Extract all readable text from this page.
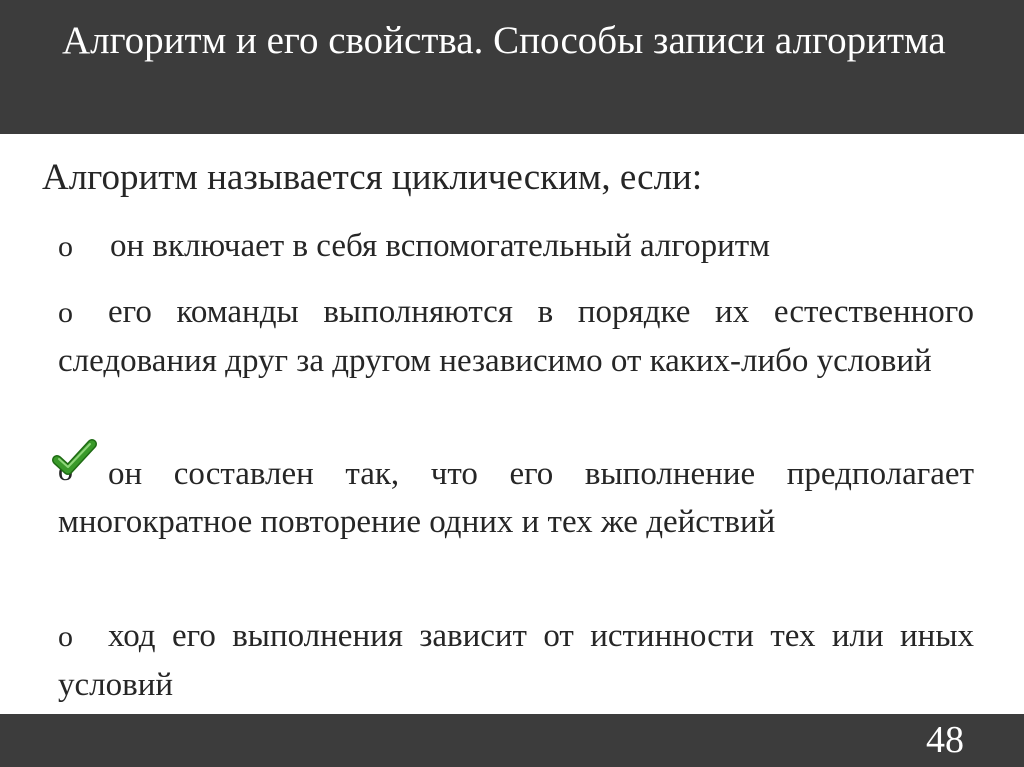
Алгоритм и его свойства. Способы записи алгоритма
Алгоритм называется циклическим, если:
o он включает в себя вспомогательный алгоритм
o его команды выполняются в порядке их естественного следования друг за другом независимо от каких-либо условий
o он составлен так, что его выполнение предполагает многократное повторение одних и тех же действий
o ход его выполнения зависит от истинности тех или иных условий
48
